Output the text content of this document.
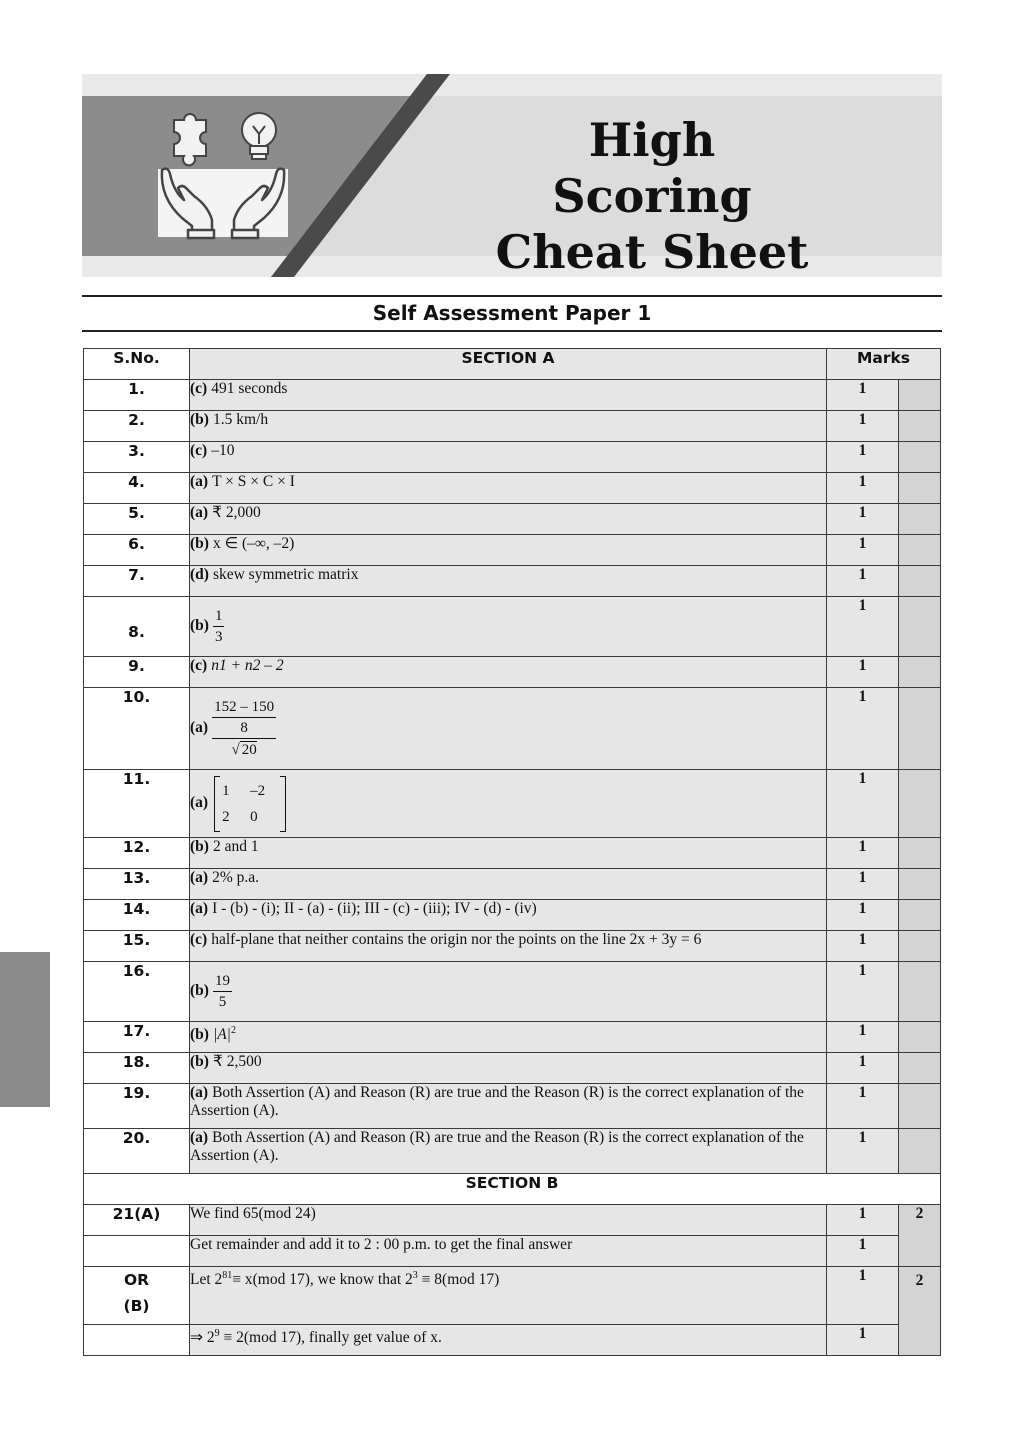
High Scoring
Cheat Sheet
Self Assessment Paper 1
S.No.	SECTION A	Marks	
1.	(c) 491 seconds	1	
2.	(b) 1.5 km/h	1	
3.	(c) –10	1	
4.	(a) T × S × C × I	1	
5.	(a) ₹ 2,000	1	
6.	(b) x ∈ (–∞, –2)	1	
7.	(d) skew symmetric matrix	1	
8.	$(b) \frac{1}{3}$	1	
9.	(c) n1 + n2 – 2	1	
10.	(a)
152 – 150
8
√ 20	1	
11.	(a)
1 –2
2 0	1	
12.	(b) 2 and 1	1	
13.	(a) 2% p.a.	1	
14.	(a) I - (b) - (i); II - (a) - (ii); III - (c) - (iii); IV - (d) - (iv)	1	
15.	(c) half-plane that neither contains the origin nor the points on the line 2x + 3y = 6	1	
16.	$(b) \frac{19}{5}$	1	
17.	(b) $|A|^2$	1	
18.	(b) ₹ 2,500	1	
19.	(a) Both Assertion (A) and Reason (R) are true and the Reason (R) is the correct explanation of the Assertion (A).	1	
20.	(a) Both Assertion (A) and Reason (R) are true and the Reason (R) is the correct explanation of the Assertion (A).	1	
SECTION B			
21(A)	We find 65(mod 24)	1	2
	Get remainder and add it to 2 : 00 p.m. to get the final answer	1	

OR
(B)	Let $2^{81}\equiv x(mod$ 17), we know that $2^3 \equiv 8(mod$ 17)	1	2
	⇒ $2^9 \equiv 2(mod$ 17), finally get value of x.	1	
